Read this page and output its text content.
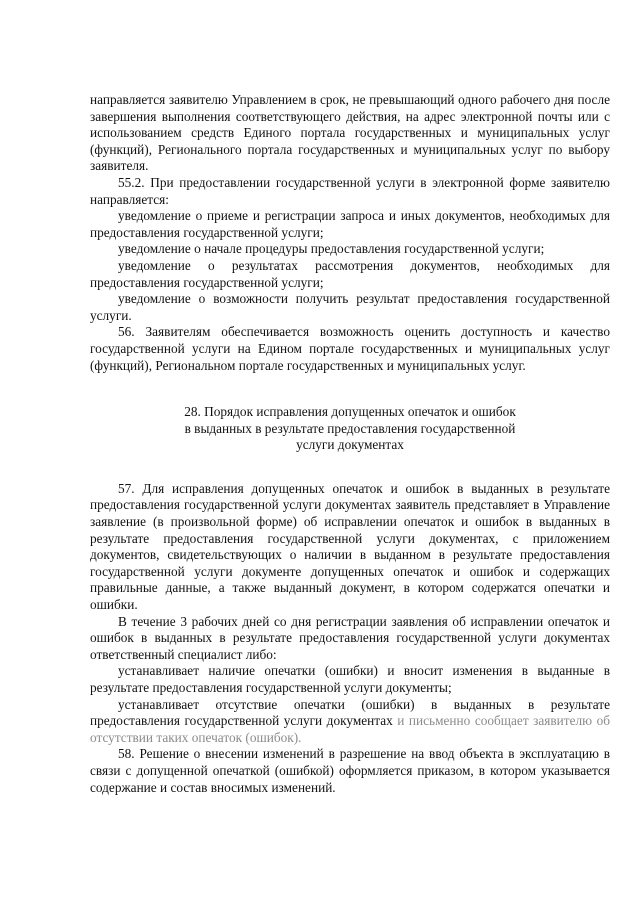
направляется заявителю Управлением в срок, не превышающий одного рабочего дня после завершения выполнения соответствующего действия, на адрес электронной почты или с использованием средств Единого портала государственных и муниципальных услуг (функций), Регионального портала государственных и муниципальных услуг по выбору заявителя.

55.2. При предоставлении государственной услуги в электронной форме заявителю направляется:

уведомление о приеме и регистрации запроса и иных документов, необходимых для предоставления государственной услуги;

уведомление о начале процедуры предоставления государственной услуги;

уведомление о результатах рассмотрения документов, необходимых для предоставления государственной услуги;

уведомление о возможности получить результат предоставления государственной услуги.

56. Заявителям обеспечивается возможность оценить доступность и качество государственной услуги на Едином портале государственных и муниципальных услуг (функций), Региональном портале государственных и муниципальных услуг.

28. Порядок исправления допущенных опечаток и ошибок
в выданных в результате предоставления государственной
услуги документах

57. Для исправления допущенных опечаток и ошибок в выданных в результате предоставления государственной услуги документах заявитель представляет в Управление заявление (в произвольной форме) об исправлении опечаток и ошибок в выданных в результате предоставления государственной услуги документах, с приложением документов, свидетельствующих о наличии в выданном в результате предоставления государственной услуги документе допущенных опечаток и ошибок и содержащих правильные данные, а также выданный документ, в котором содержатся опечатки и ошибки.

В течение 3 рабочих дней со дня регистрации заявления об исправлении опечаток и ошибок в выданных в результате предоставления государственной услуги документах ответственный специалист либо:

устанавливает наличие опечатки (ошибки) и вносит изменения в выданные в результате предоставления государственной услуги документы;

устанавливает отсутствие опечатки (ошибки) в выданных в результате предоставления государственной услуги документах и письменно сообщает заявителю об отсутствии таких опечаток (ошибок).

58. Решение о внесении изменений в разрешение на ввод объекта в эксплуатацию в связи с допущенной опечаткой (ошибкой) оформляется приказом, в котором указывается содержание и состав вносимых изменений.
